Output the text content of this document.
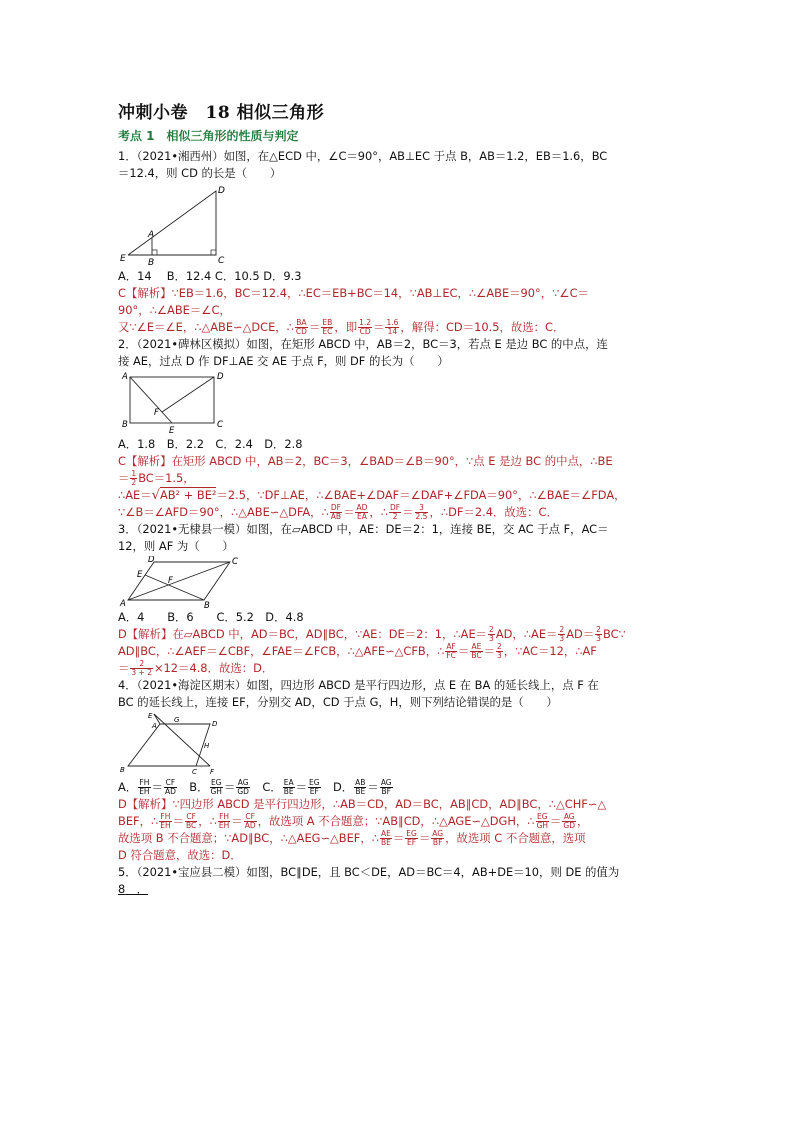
冲刺小卷　18 相似三角形
考点 1　相似三角形的性质与判定

1．（2021•湘西州）如图，在△ECD 中，∠C＝90°，AB⊥EC 于点 B，AB＝1.2，EB＝1.6，BC

＝12.4，则 CD 的长是（　　）

D
A
E B	C

A．14　 B．12.4 C．10.5 D．9.3

C【解析】∵EB＝1.6，BC＝12.4，∴EC＝EB+BC＝14，∵AB⊥EC，∴∠ABE＝90°，∵∠C＝

90°，∴∠ABE＝∠C，

又∵∠E＝∠E，∴△ABE∽△DCE，∴ $\frac{BA}{CD} = \frac{EB}{EC}$ ，即 $\frac{1.2}{CD} = \frac{1.6}{14}$ ，解得：CD＝10.5，故选：C．

2．（2021•碑林区模拟）如图，在矩形 ABCD 中，AB＝2，BC＝3，若点 E 是边 BC 的中点，连

接 AE，过点 D 作 DF⊥AE 交 AE 于点 F，则 DF 的长为（　　）

A	D
F
B
E
C

A．1.8　B．2.2　C．2.4　D．2.8

C【解析】在矩形 ABCD 中，AB＝2，BC＝3，∠BAD＝∠B＝90°，∵点 E 是边 BC 的中点，∴BE

＝ $\frac{1}{2} BC=1.5$，

∴AE＝√AB² + BE²＝2.5，∵DF⊥AE，∴∠BAE+∠DAF＝∠DAF+∠FDA＝90°，∴∠BAE＝∠FDA，

∵∠B＝∠AFD＝90°，∴△ABE∽△DFA，∴ $\frac{DF}{AB} = \frac{AD}{EA}$ ，∴ $\frac{DF}{2} = \frac{3}{2.5}$ ，∴DF＝2.4．故选：C．

3．（2021•无棣县一模）如图，在▱ABCD 中，AE：DE＝2：1，连接 BE，交 AC 于点 F，AC＝

12，则 AF 为（　　）

D	C
E
F
A	B

A．4　　B．6　　C．5.2　D．4.8

D【解析】在▱ABCD 中，AD＝BC，AD∥BC，∵AE：DE＝2：1，∴AE＝ $\frac{2}{3}$ AD，∴AE＝ $\frac{2}{3} AD= \frac{2}{3}$ BC∵

AD∥BC，∴∠AEF＝∠CBF，∠FAE＝∠FCB，∴△AFE∽△CFB，∴ $\frac{AF}{FC} = \frac{AE}{BC} = \frac{2}{3}$ ，∵AC＝12，∴AF

＝ $\frac{2}{3 + 2} \times 12=4.8$．故选：D．

4．（2021•海淀区期末）如图，四边形 ABCD 是平行四边形，点 E 在 BA 的延长线上，点 F 在

BC 的延长线上，连接 EF，分别交 AD，CD 于点 G，H，则下列结论错误的是（　　）

E
A
G	D
H
B	C F

A． $\frac{FH}{EH} = \frac{CF}{AD}$ 　B． $\frac{EG}{GH} = \frac{AG}{GD}$ 　C． $\frac{EA}{BE} = \frac{EG}{EF}$ 　D． $\frac{AB}{BE} = \frac{AG}{BF}$

D【解析】∵四边形 ABCD 是平行四边形，∴AB＝CD，AD＝BC，AB∥CD，AD∥BC，∴△CHF∽△

BEF，∴ $\frac{FH}{EH} = \frac{CF}{BC}$ ，∴ $\frac{FH}{EH} = \frac{CF}{AD}$ ，故选项 A 不合题意；∵AB∥CD，∴△AGE∽△DGH，∴ $\frac{EG}{GH} = \frac{AG}{GD}$ ，

故选项 B 不合题意；∵AD∥BC，∴△AEG∽△BEF，∴ $\frac{AE}{BE} = \frac{EG}{EF} = \frac{AG}{BF}$ ，故选项 C 不合题意，选项

D 符合题意，故选：D．

5．（2021•宝应县二模）如图，BC∥DE，且 BC＜DE，AD＝BC＝4，AB+DE＝10，则 DE 的值为

8　．
